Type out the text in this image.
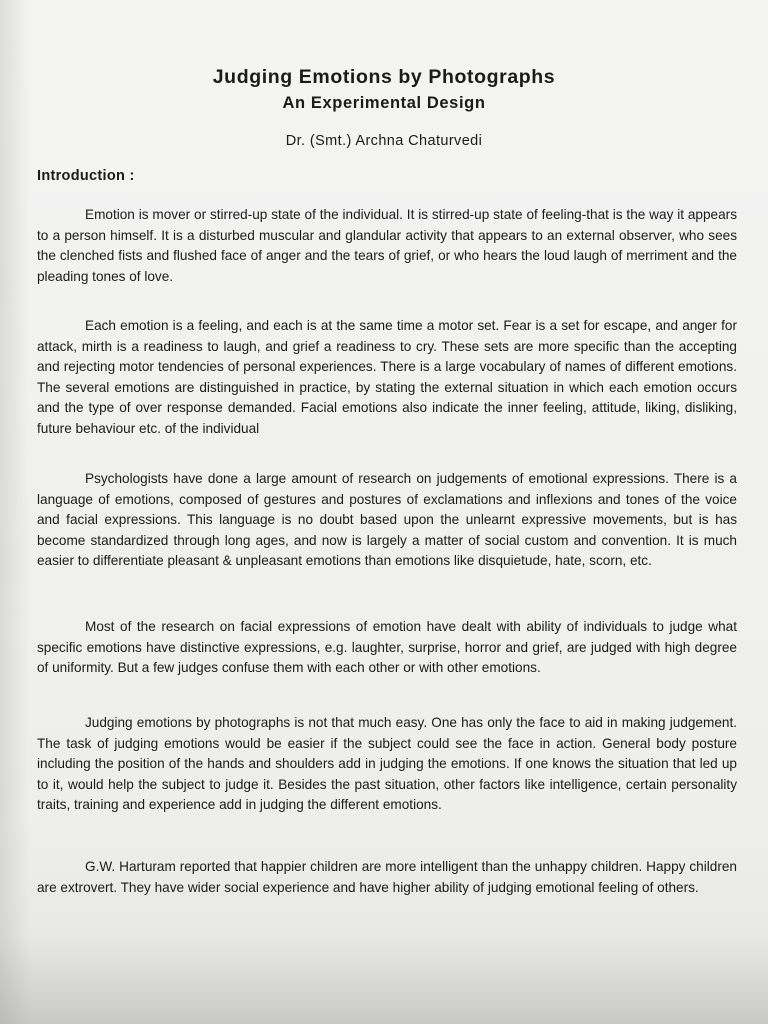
Judging Emotions by Photographs
An Experimental Design

Dr. (Smt.) Archna Chaturvedi

Introduction :

Emotion is mover or stirred-up state of the individual. It is stirred-up state of feeling-that is the way it appears to a person himself. It is a disturbed muscular and glandular activity that appears to an external observer, who sees the clenched fists and flushed face of anger and the tears of grief, or who hears the loud laugh of merriment and the pleading tones of love.

Each emotion is a feeling, and each is at the same time a motor set. Fear is a set for escape, and anger for attack, mirth is a readiness to laugh, and grief a readiness to cry. These sets are more specific than the accepting and rejecting motor tendencies of personal experiences. There is a large vocabulary of names of different emotions. The several emotions are distinguished in practice, by stating the external situation in which each emotion occurs and the type of over response demanded. Facial emotions also indicate the inner feeling, attitude, liking, disliking, future behaviour etc. of the individual

Psychologists have done a large amount of research on judgements of emotional expressions. There is a language of emotions, composed of gestures and postures of exclamations and inflexions and tones of the voice and facial expressions. This language is no doubt based upon the unlearnt expressive movements, but is has become standardized through long ages, and now is largely a matter of social custom and convention. It is much easier to differentiate pleasant & unpleasant emotions than emotions like disquietude, hate, scorn, etc.

Most of the research on facial expressions of emotion have dealt with ability of individuals to judge what specific emotions have distinctive expressions, e.g. laughter, surprise, horror and grief, are judged with high degree of uniformity. But a few judges confuse them with each other or with other emotions.

Judging emotions by photographs is not that much easy. One has only the face to aid in making judgement. The task of judging emotions would be easier if the subject could see the face in action. General body posture including the position of the hands and shoulders add in judging the emotions. If one knows the situation that led up to it, would help the subject to judge it. Besides the past situation, other factors like intelligence, certain personality traits, training and experience add in judging the different emotions.

G.W. Harturam reported that happier children are more intelligent than the unhappy children. Happy children are extrovert. They have wider social experience and have higher ability of judging emotional feeling of others.
